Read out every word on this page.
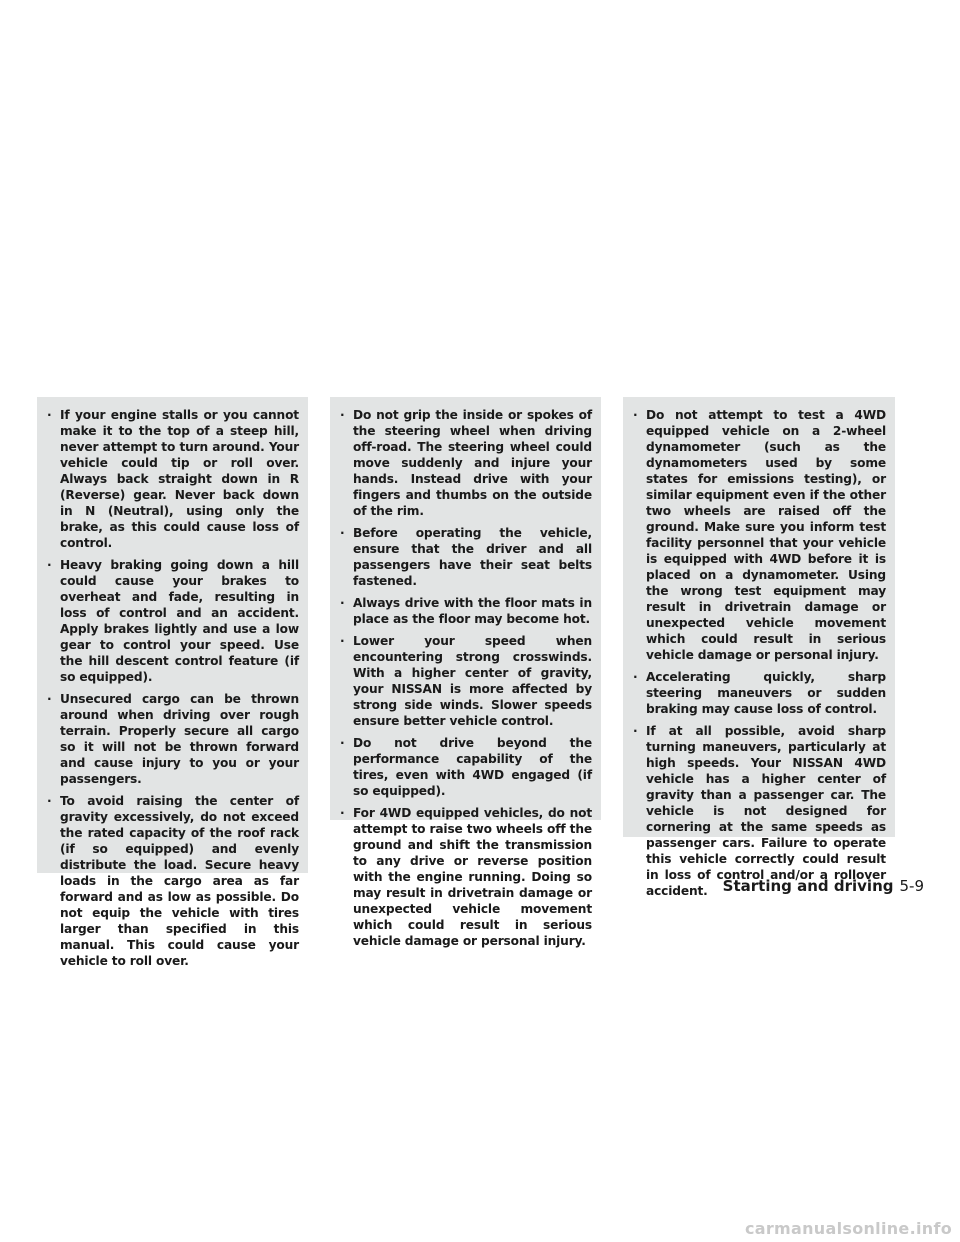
· If your engine stalls or you cannot make it to the top of a steep hill, never attempt to turn around. Your vehicle could tip or roll over. Always back straight down in R (Reverse) gear. Never back down in N (Neutral), using only the brake, as this could cause loss of control.
· Heavy braking going down a hill could cause your brakes to overheat and fade, resulting in loss of control and an accident. Apply brakes lightly and use a low gear to control your speed. Use the hill descent control feature (if so equipped).
· Unsecured cargo can be thrown around when driving over rough terrain. Properly secure all cargo so it will not be thrown forward and cause injury to you or your passengers.
· To avoid raising the center of gravity excessively, do not exceed the rated capacity of the roof rack (if so equipped) and evenly distribute the load. Secure heavy loads in the cargo area as far forward and as low as possible. Do not equip the vehicle with tires larger than specified in this manual. This could cause your vehicle to roll over.
· Do not grip the inside or spokes of the steering wheel when driving off-road. The steering wheel could move suddenly and injure your hands. Instead drive with your fingers and thumbs on the outside of the rim.
· Before operating the vehicle, ensure that the driver and all passengers have their seat belts fastened.
· Always drive with the floor mats in place as the floor may become hot.
· Lower your speed when encountering strong crosswinds. With a higher center of gravity, your NISSAN is more affected by strong side winds. Slower speeds ensure better vehicle control.
· Do not drive beyond the performance capability of the tires, even with 4WD engaged (if so equipped).
· For 4WD equipped vehicles, do not attempt to raise two wheels off the ground and shift the transmission to any drive or reverse position with the engine running. Doing so may result in drivetrain damage or unexpected vehicle movement which could result in serious vehicle damage or personal injury.
· Do not attempt to test a 4WD equipped vehicle on a 2-wheel dynamometer (such as the dynamometers used by some states for emissions testing), or similar equipment even if the other two wheels are raised off the ground. Make sure you inform test facility personnel that your vehicle is equipped with 4WD before it is placed on a dynamometer. Using the wrong test equipment may result in drivetrain damage or unexpected vehicle movement which could result in serious vehicle damage or personal injury.
· Accelerating quickly, sharp steering maneuvers or sudden braking may cause loss of control.
· If at all possible, avoid sharp turning maneuvers, particularly at high speeds. Your NISSAN 4WD vehicle has a higher center of gravity than a passenger car. The vehicle is not designed for cornering at the same speeds as passenger cars. Failure to operate this vehicle correctly could result in loss of control and/or a rollover accident.	Starting and driving 5-9
carmanualsonline.info
